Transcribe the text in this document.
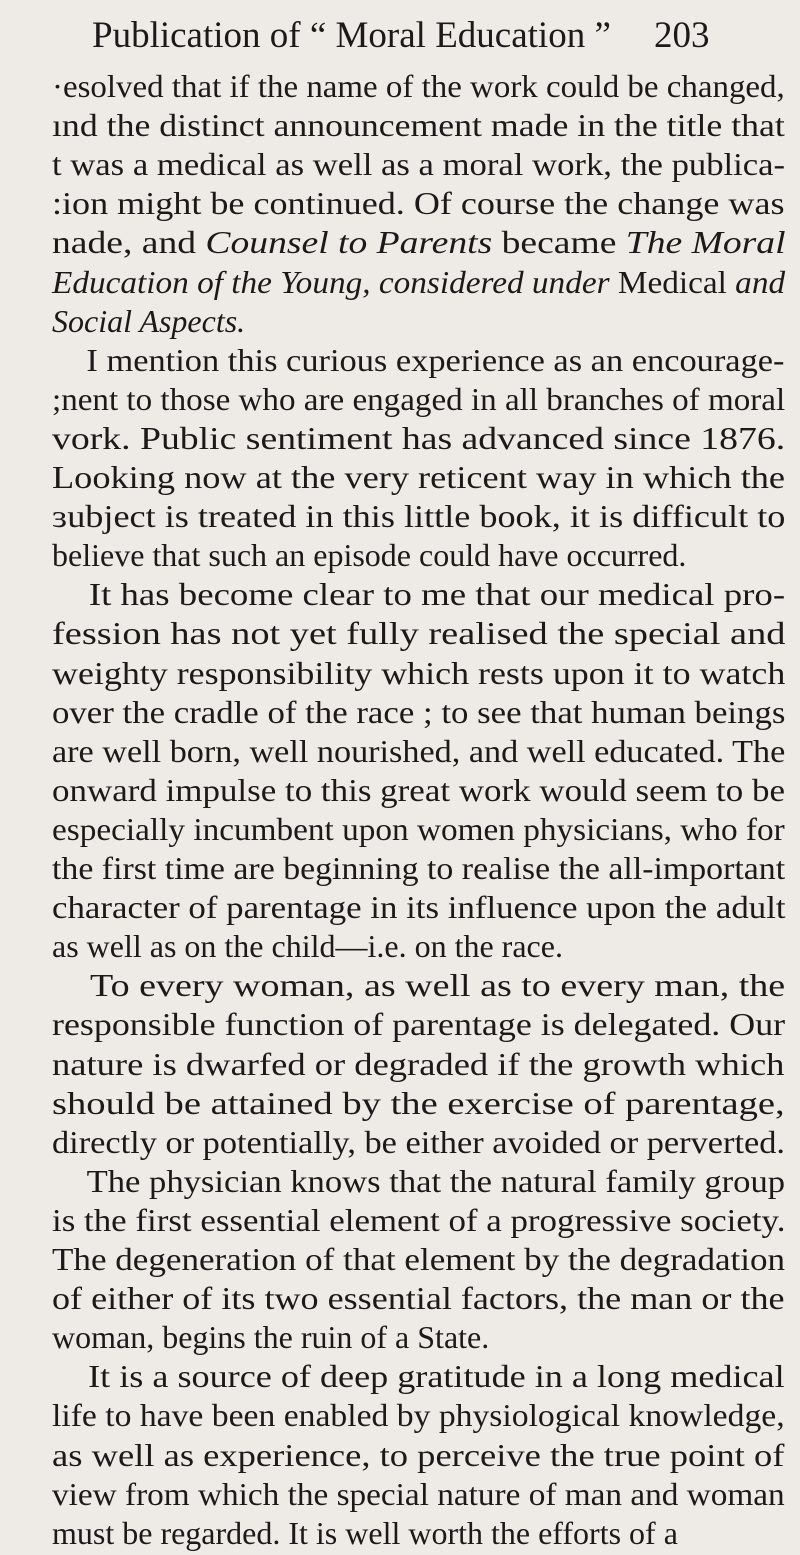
Publication of “ Moral Education ” 203
·esolved that if the name of the work could be changed,
ınd the distinct announcement made in the title that
t was a medical as well as a moral work, the publica-
:ion might be continued. Of course the change was
nade, and Counsel to Parents became The Moral
Education of the Young, considered under Medical and
Social Aspects.
 I mention this curious experience as an encourage-
;nent to those who are engaged in all branches of moral
vork. Public sentiment has advanced since 1876.
Looking now at the very reticent way in which the
ɜubject is treated in this little book, it is difficult to
believe that such an episode could have occurred.
 It has become clear to me that our medical pro-
fession has not yet fully realised the special and
weighty responsibility which rests upon it to watch
over the cradle of the race ; to see that human beings
are well born, well nourished, and well educated. The
onward impulse to this great work would seem to be
especially incumbent upon women physicians, who for
the first time are beginning to realise the all-important
character of parentage in its influence upon the adult
as well as on the child—i.e. on the race.
 To every woman, as well as to every man, the
responsible function of parentage is delegated. Our
nature is dwarfed or degraded if the growth which
should be attained by the exercise of parentage,
directly or potentially, be either avoided or perverted.
 The physician knows that the natural family group
is the first essential element of a progressive society.
The degeneration of that element by the degradation
of either of its two essential factors, the man or the
woman, begins the ruin of a State.
 It is a source of deep gratitude in a long medical
life to have been enabled by physiological knowledge,
as well as experience, to perceive the true point of
view from which the special nature of man and woman
must be regarded. It is well worth the efforts of a
